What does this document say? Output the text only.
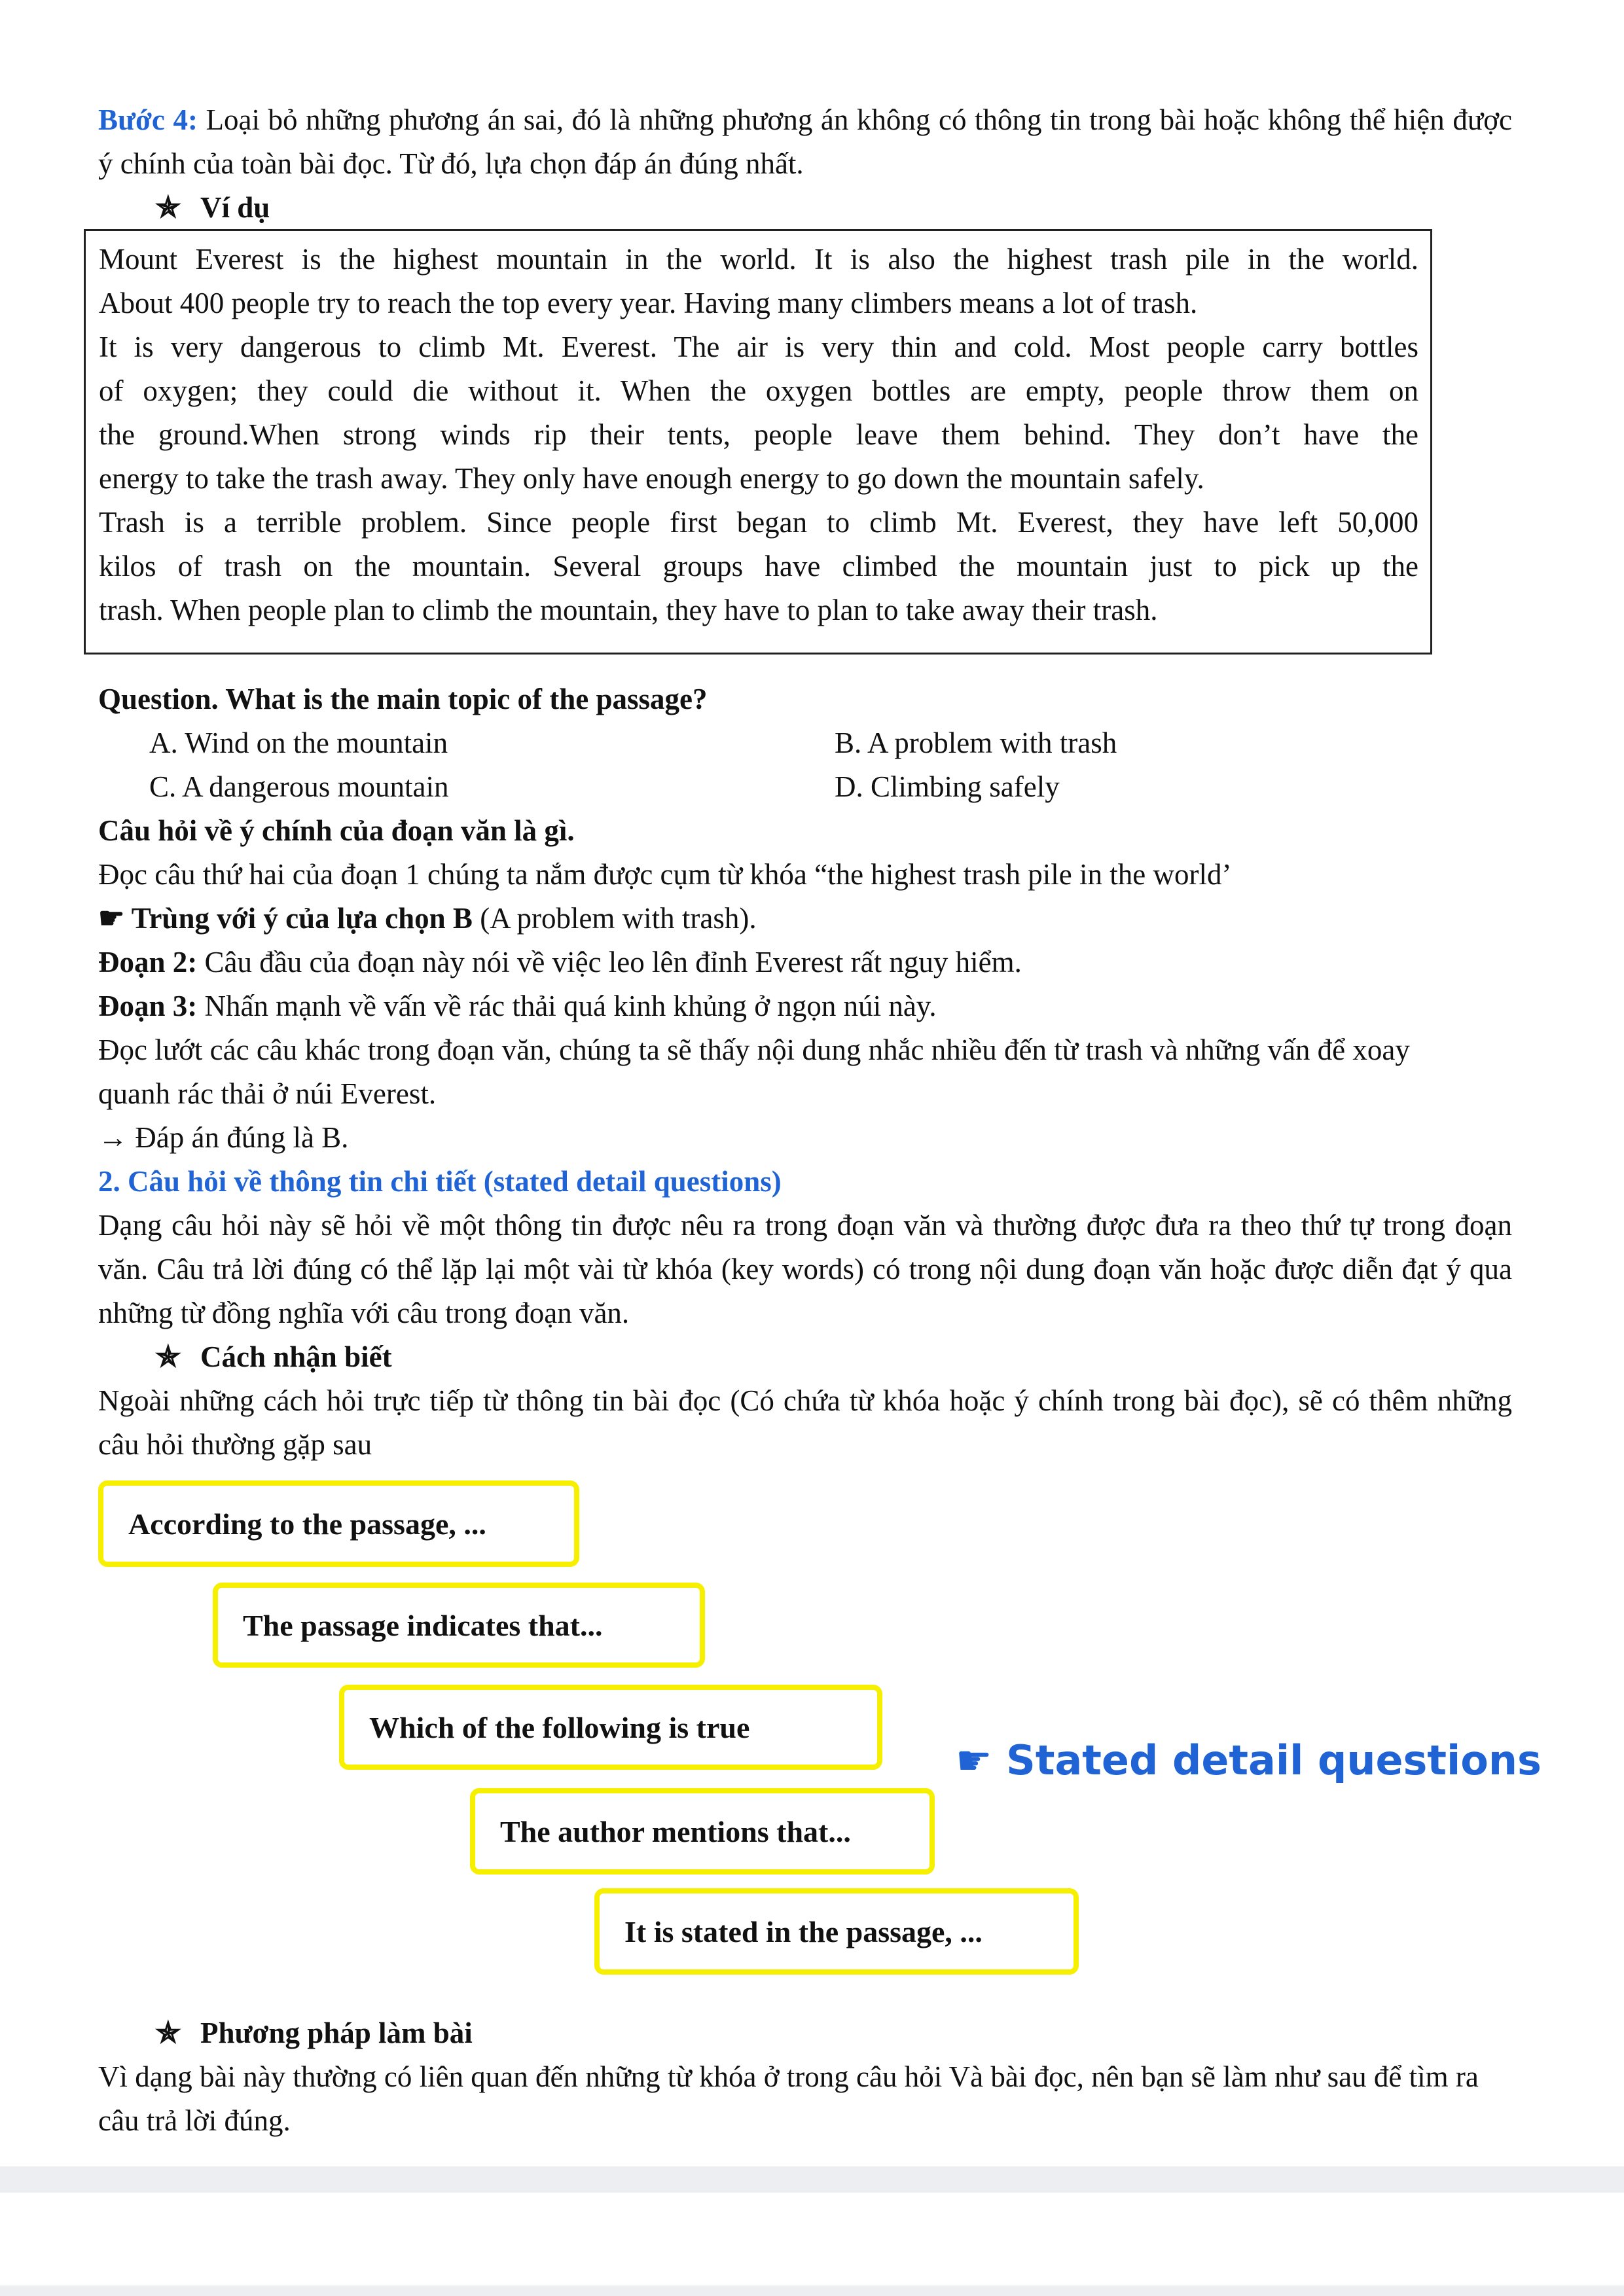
Bước 4: Loại bỏ những phương án sai, đó là những phương án không có thông tin trong bài hoặc không thể hiện được ý chính của toàn bài đọc. Từ đó, lựa chọn đáp án đúng nhất.

✯ Ví dụ

Mount Everest is the highest mountain in the world. It is also the highest trash pile in the world.

About 400 people try to reach the top every year. Having many climbers means a lot of trash.

It is very dangerous to climb Mt. Everest. The air is very thin and cold. Most people carry bottles

of oxygen; they could die without it. When the oxygen bottles are empty, people throw them on

the ground.When strong winds rip their tents, people leave them behind. They don’t have the

energy to take the trash away. They only have enough energy to go down the mountain safely.

Trash is a terrible problem. Since people first began to climb Mt. Everest, they have left 50,000

kilos of trash on the mountain. Several groups have climbed the mountain just to pick up the

trash. When people plan to climb the mountain, they have to plan to take away their trash.

Question. What is the main topic of the passage?

A. Wind on the mountain	B. A problem with trash
C. A dangerous mountain	D. Climbing safely

Câu hỏi về ý chính của đoạn văn là gì.

Đọc câu thứ hai của đoạn 1 chúng ta nắm được cụm từ khóa “the highest trash pile in the world’

☛ Trùng với ý của lựa chọn B (A problem with trash).

Đoạn 2: Câu đầu của đoạn này nói về việc leo lên đỉnh Everest rất nguy hiểm.

Đoạn 3: Nhấn mạnh về vấn về rác thải quá kinh khủng ở ngọn núi này.

Đọc lướt các câu khác trong đoạn văn, chúng ta sẽ thấy nội dung nhắc nhiều đến từ trash và những vấn để xoay quanh rác thải ở núi Everest.

→ Đáp án đúng là B.

2. Câu hỏi về thông tin chi tiết (stated detail questions)

Dạng câu hỏi này sẽ hỏi về một thông tin được nêu ra trong đoạn văn và thường được đưa ra theo thứ tự trong đoạn văn. Câu trả lời đúng có thể lặp lại một vài từ khóa (key words) có trong nội dung đoạn văn hoặc được diễn đạt ý qua những từ đồng nghĩa với câu trong đoạn văn.

✯ Cách nhận biết

Ngoài những cách hỏi trực tiếp từ thông tin bài đọc (Có chứa từ khóa hoặc ý chính trong bài đọc), sẽ có thêm những câu hỏi thường gặp sau

According to the passage, ...
The passage indicates that...
Which of the following is true
The author mentions that...
It is stated in the passage, ...
☛ Stated detail questions

✯ Phương pháp làm bài

Vì dạng bài này thường có liên quan đến những từ khóa ở trong câu hỏi Và bài đọc, nên bạn sẽ làm như sau để tìm ra câu trả lời đúng.
